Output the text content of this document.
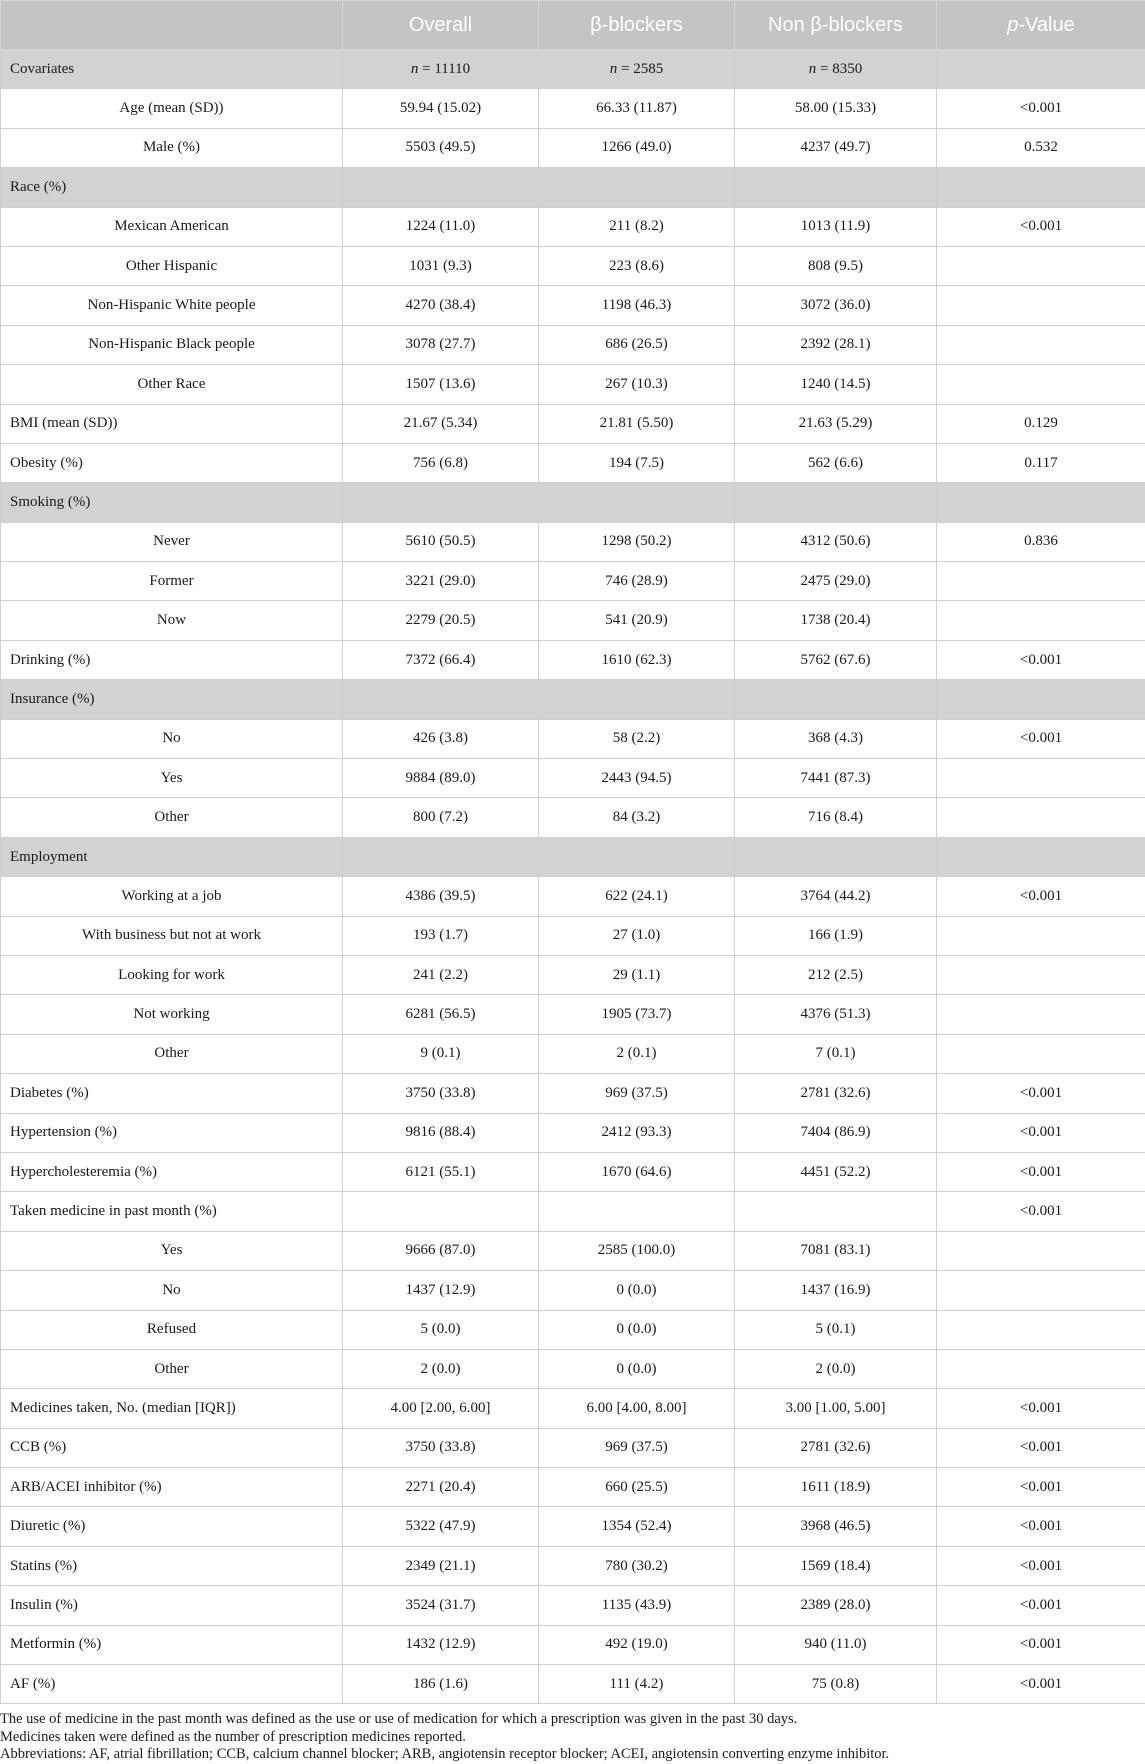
	Overall	β-blockers	Non β-blockers	p-Value
Covariates	n = 11110	n = 2585	n = 8350	
Age (mean (SD))	59.94 (15.02)	66.33 (11.87)	58.00 (15.33)	<0.001
Male (%)	5503 (49.5)	1266 (49.0)	4237 (49.7)	0.532
Race (%)				
Mexican American	1224 (11.0)	211 (8.2)	1013 (11.9)	<0.001
Other Hispanic	1031 (9.3)	223 (8.6)	808 (9.5)	
Non-Hispanic White people	4270 (38.4)	1198 (46.3)	3072 (36.0)	
Non-Hispanic Black people	3078 (27.7)	686 (26.5)	2392 (28.1)	
Other Race	1507 (13.6)	267 (10.3)	1240 (14.5)	
BMI (mean (SD))	21.67 (5.34)	21.81 (5.50)	21.63 (5.29)	0.129
Obesity (%)	756 (6.8)	194 (7.5)	562 (6.6)	0.117
Smoking (%)				
Never	5610 (50.5)	1298 (50.2)	4312 (50.6)	0.836
Former	3221 (29.0)	746 (28.9)	2475 (29.0)	
Now	2279 (20.5)	541 (20.9)	1738 (20.4)	
Drinking (%)	7372 (66.4)	1610 (62.3)	5762 (67.6)	<0.001
Insurance (%)				
No	426 (3.8)	58 (2.2)	368 (4.3)	<0.001
Yes	9884 (89.0)	2443 (94.5)	7441 (87.3)	
Other	800 (7.2)	84 (3.2)	716 (8.4)	
Employment				
Working at a job	4386 (39.5)	622 (24.1)	3764 (44.2)	<0.001
With business but not at work	193 (1.7)	27 (1.0)	166 (1.9)	
Looking for work	241 (2.2)	29 (1.1)	212 (2.5)	
Not working	6281 (56.5)	1905 (73.7)	4376 (51.3)	
Other	9 (0.1)	2 (0.1)	7 (0.1)	
Diabetes (%)	3750 (33.8)	969 (37.5)	2781 (32.6)	<0.001
Hypertension (%)	9816 (88.4)	2412 (93.3)	7404 (86.9)	<0.001
Hypercholesteremia (%)	6121 (55.1)	1670 (64.6)	4451 (52.2)	<0.001
Taken medicine in past month (%)				<0.001
Yes	9666 (87.0)	2585 (100.0)	7081 (83.1)	
No	1437 (12.9)	0 (0.0)	1437 (16.9)	
Refused	5 (0.0)	0 (0.0)	5 (0.1)	
Other	2 (0.0)	0 (0.0)	2 (0.0)	
Medicines taken, No. (median [IQR])	4.00 [2.00, 6.00]	6.00 [4.00, 8.00]	3.00 [1.00, 5.00]	<0.001
CCB (%)	3750 (33.8)	969 (37.5)	2781 (32.6)	<0.001
ARB/ACEI inhibitor (%)	2271 (20.4)	660 (25.5)	1611 (18.9)	<0.001
Diuretic (%)	5322 (47.9)	1354 (52.4)	3968 (46.5)	<0.001
Statins (%)	2349 (21.1)	780 (30.2)	1569 (18.4)	<0.001
Insulin (%)	3524 (31.7)	1135 (43.9)	2389 (28.0)	<0.001
Metformin (%)	1432 (12.9)	492 (19.0)	940 (11.0)	<0.001
AF (%)	186 (1.6)	111 (4.2)	75 (0.8)	<0.001
The use of medicine in the past month was defined as the use or use of medication for which a prescription was given in the past 30 days.
Medicines taken were defined as the number of prescription medicines reported.
Abbreviations: AF, atrial fibrillation; CCB, calcium channel blocker; ARB, angiotensin receptor blocker; ACEI, angiotensin converting enzyme inhibitor.
